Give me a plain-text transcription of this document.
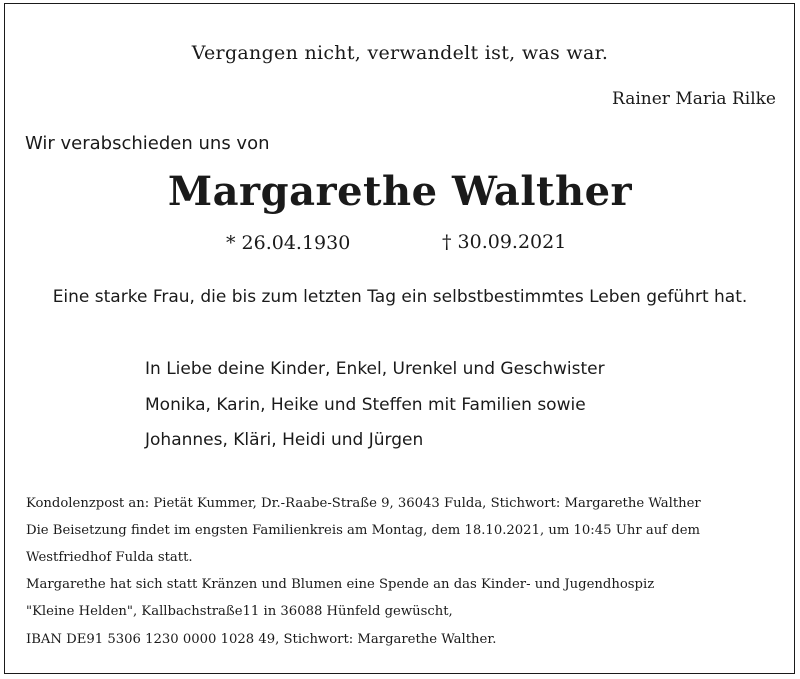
Vergangen nicht, verwandelt ist, was war.
Rainer Maria Rilke
Wir verabschieden uns von
Margarethe Walther
* 26.04.1930	† 30.09.2021
Eine starke Frau, die bis zum letzten Tag ein selbstbestimmtes Leben geführt hat.
In Liebe deine Kinder, Enkel, Urenkel und Geschwister
Monika, Karin, Heike und Steffen mit Familien sowie
Johannes, Kläri, Heidi und Jürgen
Kondolenzpost an: Pietät Kummer, Dr.-Raabe-Straße 9, 36043 Fulda, Stichwort: Margarethe Walther
Die Beisetzung findet im engsten Familienkreis am Montag, dem 18.10.2021, um 10:45 Uhr auf dem
Westfriedhof Fulda statt.
Margarethe hat sich statt Kränzen und Blumen eine Spende an das Kinder- und Jugendhospiz
"Kleine Helden", Kallbachstraße11 in 36088 Hünfeld gewüscht,
IBAN DE91 5306 1230 0000 1028 49, Stichwort: Margarethe Walther.
